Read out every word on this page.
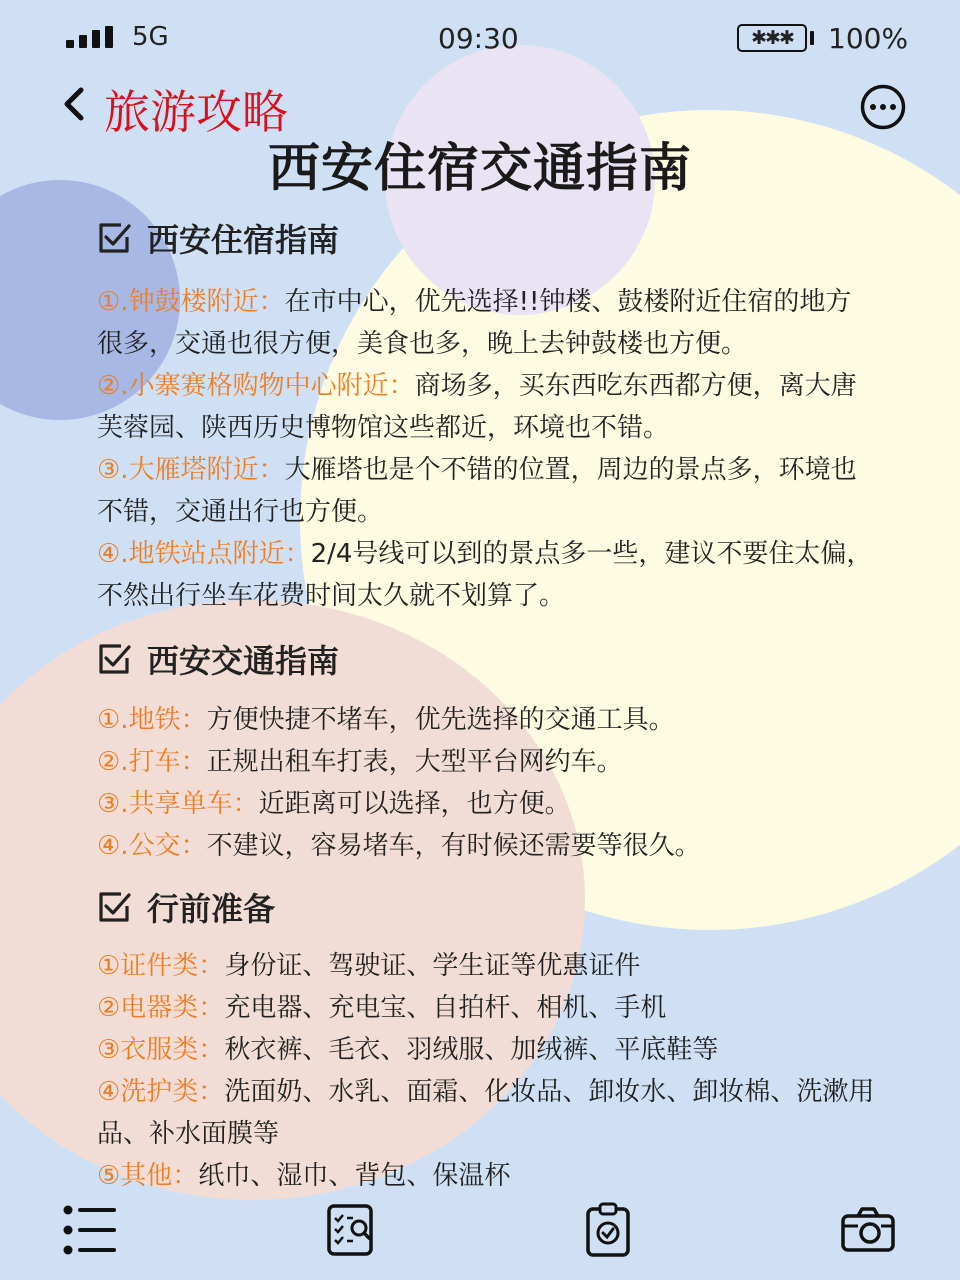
5G	09:30	✱✱✱	100%
旅游攻略
西安住宿交通指南
西安住宿指南
①.钟鼓楼附近：在市中心，优先选择!!钟楼、鼓楼附近住宿的地方很多，交通也很方便，美食也多，晚上去钟鼓楼也方便。
②.小寨赛格购物中心附近：商场多，买东西吃东西都方便，离大唐芙蓉园、陕西历史博物馆这些都近，环境也不错。
③.大雁塔附近：大雁塔也是个不错的位置，周边的景点多，环境也不错，交通出行也方便。
④.地铁站点附近：2/4号线可以到的景点多一些，建议不要住太偏，不然出行坐车花费时间太久就不划算了。
西安交通指南
①.地铁：方便快捷不堵车，优先选择的交通工具。
②.打车：正规出租车打表，大型平台网约车。
③.共享单车：近距离可以选择，也方便。
④.公交：不建议，容易堵车，有时候还需要等很久。
行前准备
①证件类：身份证、驾驶证、学生证等优惠证件
②电器类：充电器、充电宝、自拍杆、相机、手机
③衣服类：秋衣裤、毛衣、羽绒服、加绒裤、平底鞋等
④洗护类：洗面奶、水乳、面霜、化妆品、卸妆水、卸妆棉、洗漱用品、补水面膜等
⑤其他：纸巾、湿巾、背包、保温杯
